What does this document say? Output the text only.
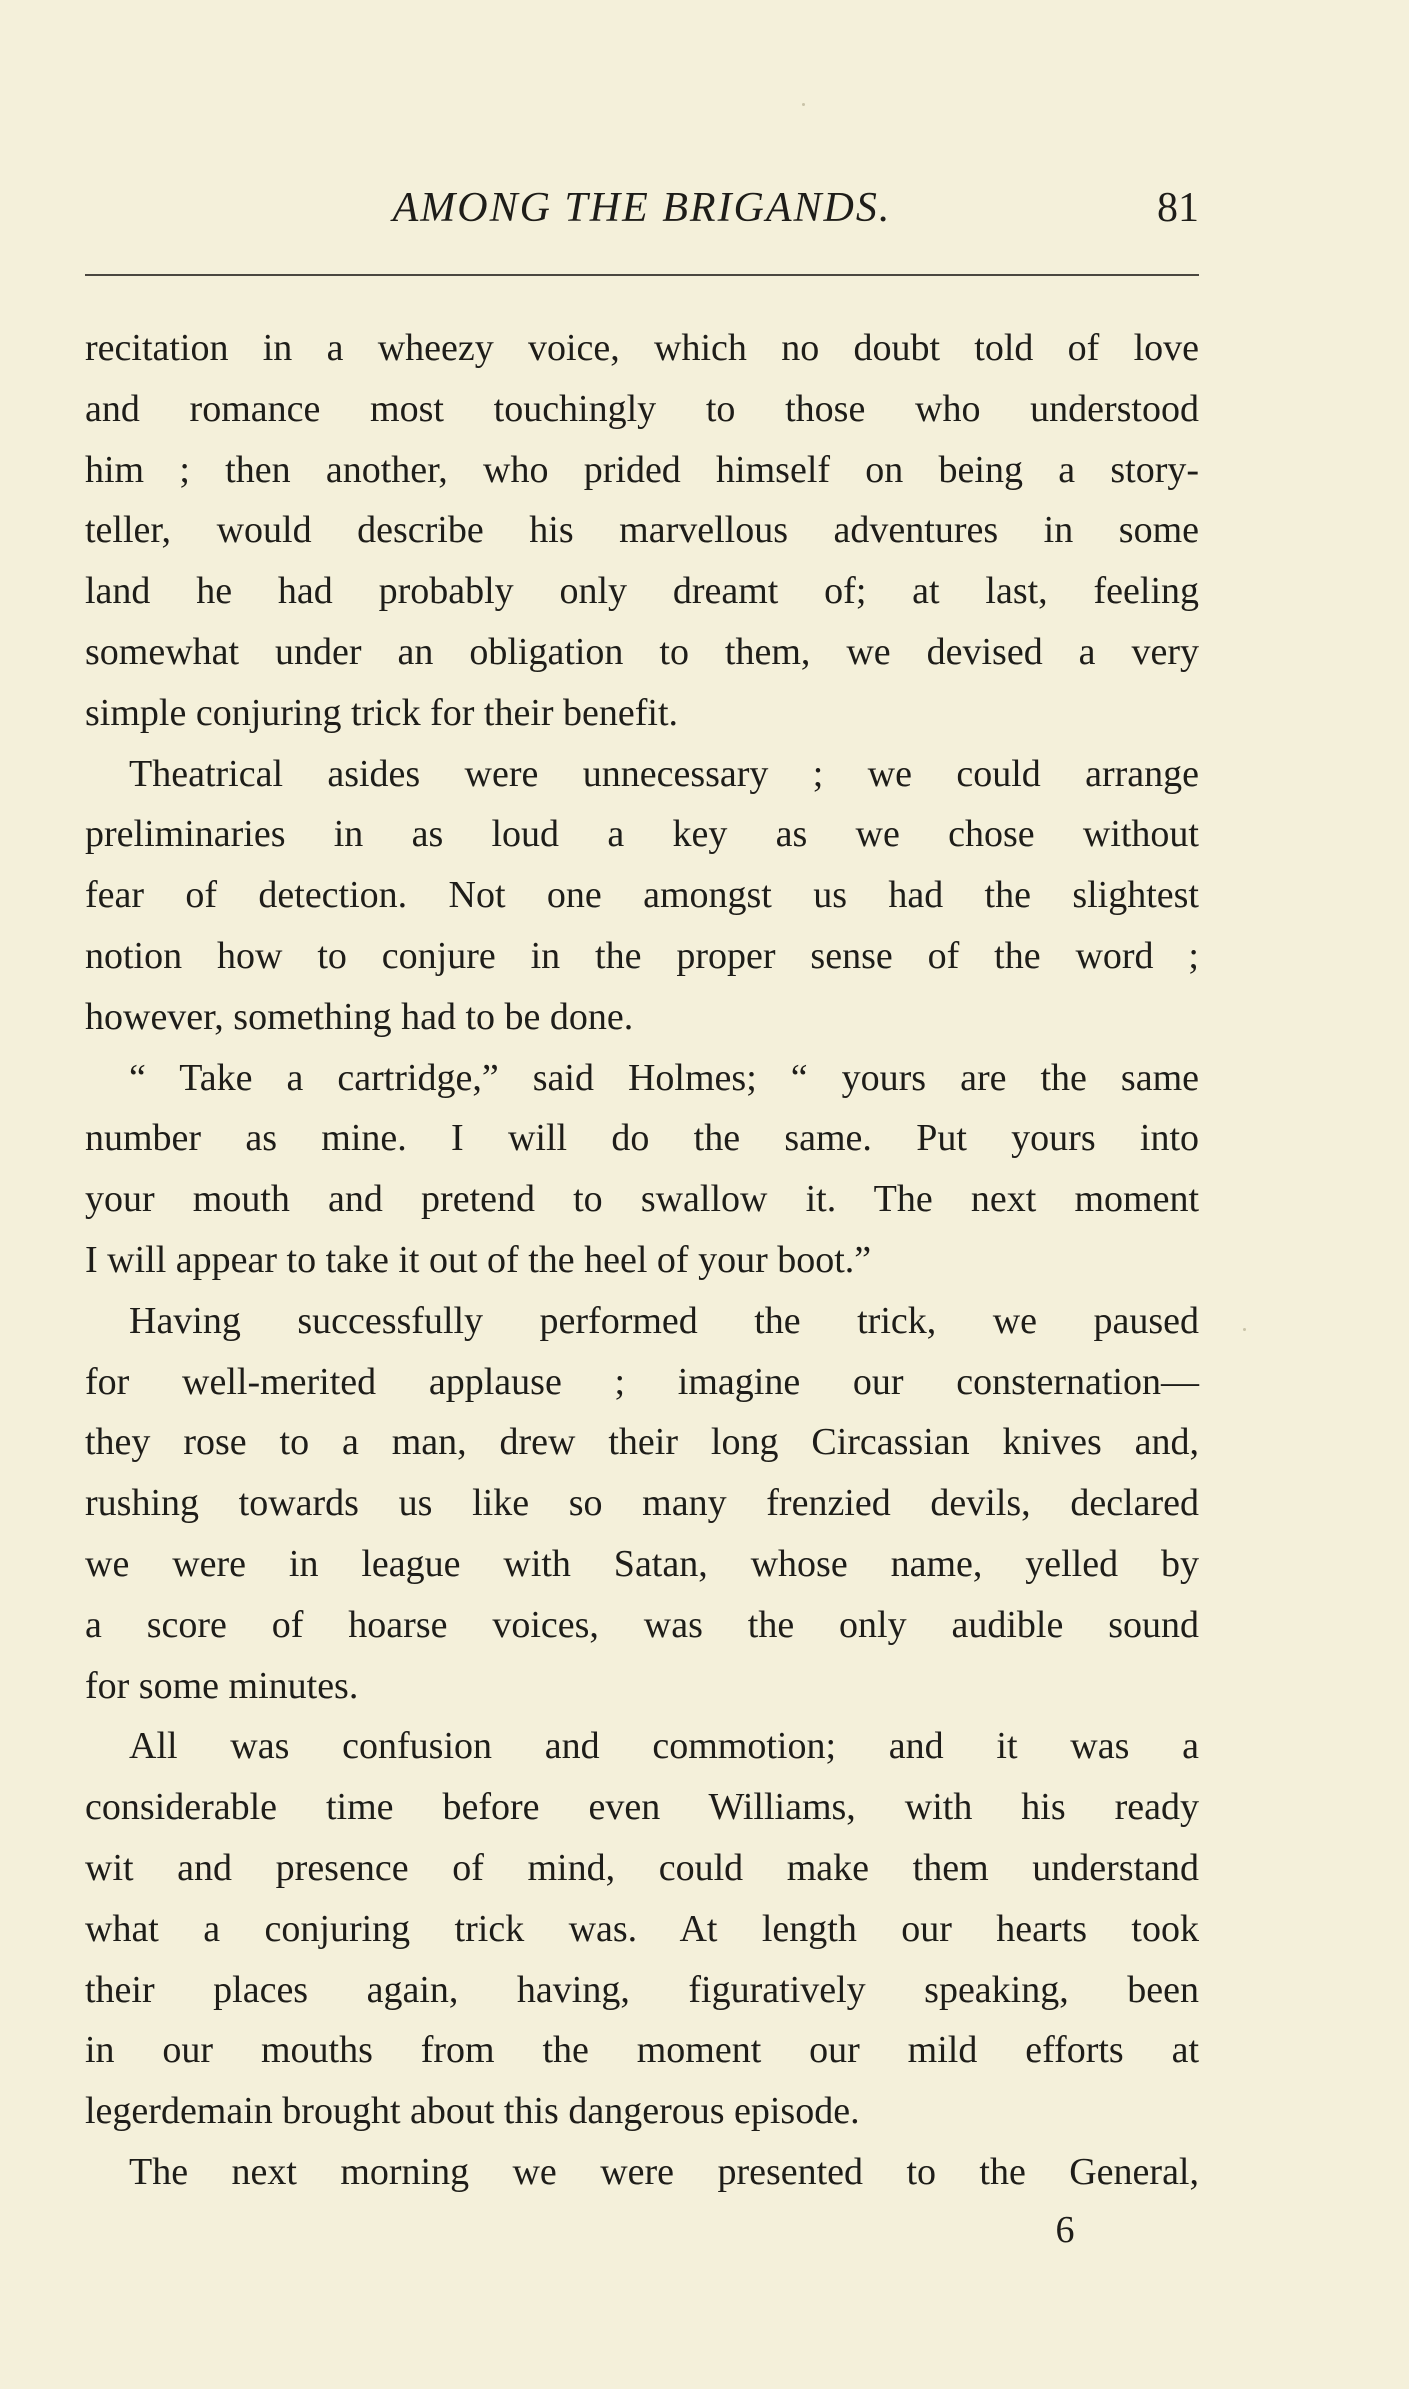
AMONG THE BRIGANDS.	81
recitation in a wheezy voice, which no doubt told of love
and romance most touchingly to those who understood
him ; then another, who prided himself on being a story-
teller, would describe his marvellous adventures in some
land he had probably only dreamt of; at last, feeling
somewhat under an obligation to them, we devised a very
simple conjuring trick for their benefit.
Theatrical asides were unnecessary ; we could arrange
preliminaries in as loud a key as we chose without
fear of detection. Not one amongst us had the slightest
notion how to conjure in the proper sense of the word ;
however, something had to be done.
“ Take a cartridge,” said Holmes; “ yours are the same
number as mine. I will do the same. Put yours into
your mouth and pretend to swallow it. The next moment
I will appear to take it out of the heel of your boot.”
Having successfully performed the trick, we paused
for well-merited applause ; imagine our consternation—
they rose to a man, drew their long Circassian knives and,
rushing towards us like so many frenzied devils, declared
we were in league with Satan, whose name, yelled by
a score of hoarse voices, was the only audible sound
for some minutes.
All was confusion and commotion; and it was a
considerable time before even Williams, with his ready
wit and presence of mind, could make them understand
what a conjuring trick was. At length our hearts took
their places again, having, figuratively speaking, been
in our mouths from the moment our mild efforts at
legerdemain brought about this dangerous episode.
The next morning we were presented to the General,
6
